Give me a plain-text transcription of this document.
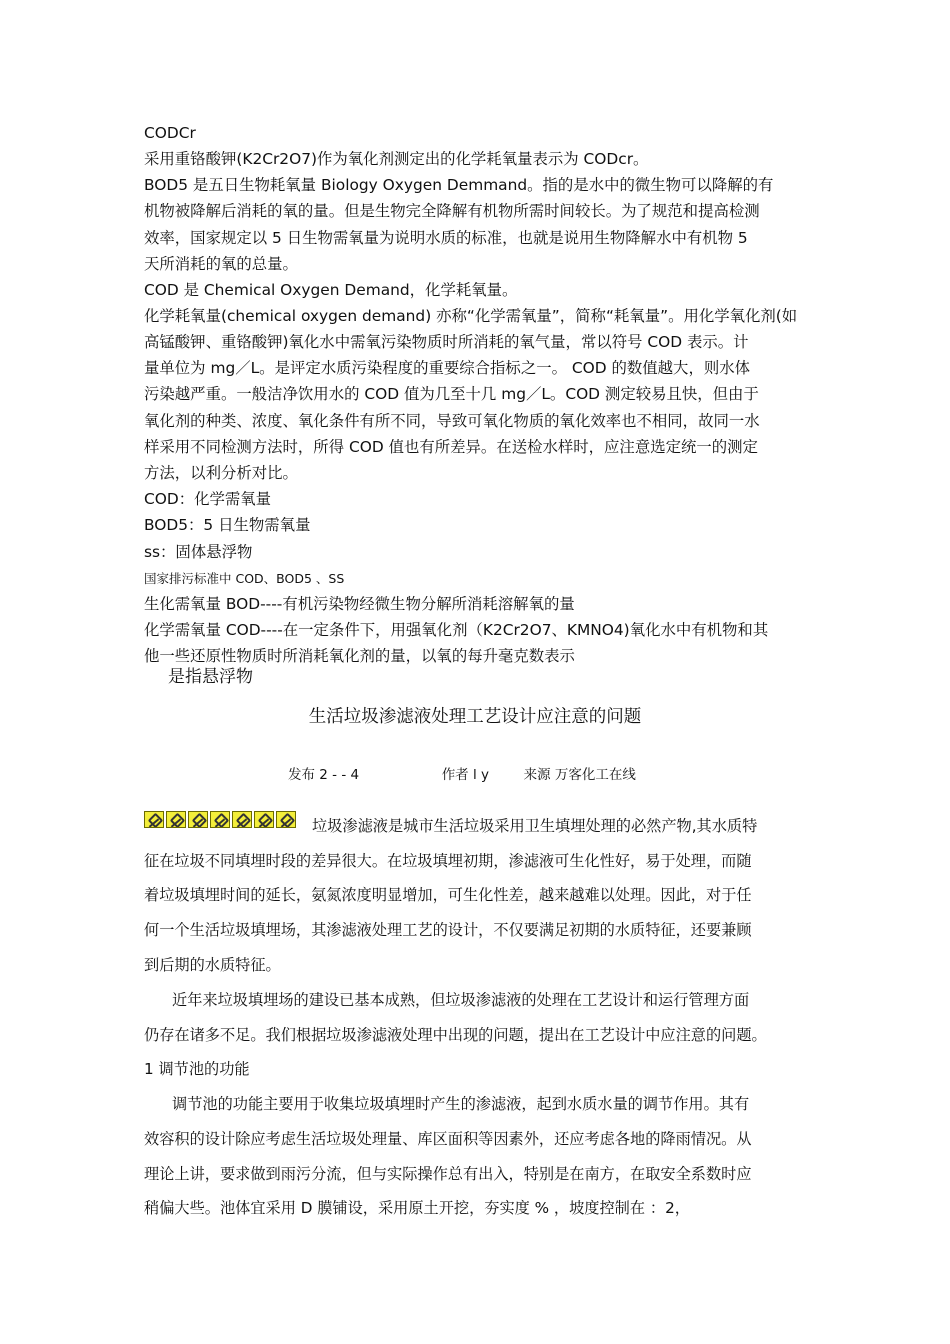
CODCr
采用重铬酸钾(K2Cr2O7)作为氧化剂测定出的化学耗氧量表示为 CODcr。
BOD5 是五日生物耗氧量 Biology Oxygen Demmand。指的是水中的微生物可以降解的有
机物被降解后消耗的氧的量。但是生物完全降解有机物所需时间较长。为了规范和提高检测
效率，国家规定以 5 日生物需氧量为说明水质的标准，也就是说用生物降解水中有机物 5
天所消耗的氧的总量。
COD 是 Chemical Oxygen Demand，化学耗氧量。
化学耗氧量(chemical oxygen demand) 亦称“化学需氧量”，简称“耗氧量”。用化学氧化剂(如
高锰酸钾、重铬酸钾)氧化水中需氧污染物质时所消耗的氧气量，常以符号 COD 表示。计
量单位为 mg／L。是评定水质污染程度的重要综合指标之一。 COD 的数值越大，则水体
污染越严重。一般洁净饮用水的 COD 值为几至十几 mg／L。COD 测定较易且快，但由于
氧化剂的种类、浓度、氧化条件有所不同，导致可氧化物质的氧化效率也不相同，故同一水
样采用不同检测方法时，所得 COD 值也有所差异。在送检水样时，应注意选定统一的测定
方法，以利分析对比。
COD：化学需氧量
BOD5：5 日生物需氧量
ss：固体悬浮物
国家排污标准中 COD、BOD5 、SS
生化需氧量 BOD----有机污染物经微生物分解所消耗溶解氧的量
化学需氧量 COD----在一定条件下，用强氧化剂（K2Cr2O7、KMNO4)氧化水中有机物和其
他一些还原性物质时所消耗氧化剂的量，以氧的每升毫克数表示
是指悬浮物
生活垃圾渗滤液处理工艺设计应注意的问题
发布 2 - - 4	作者 l y	来源 万客化工在线
垃圾渗滤液是城市生活垃圾采用卫生填埋处理的必然产物,其水质特
征在垃圾不同填埋时段的差异很大。在垃圾填埋初期，渗滤液可生化性好，易于处理，而随
着垃圾填埋时间的延长，氨氮浓度明显增加，可生化性差，越来越难以处理。因此，对于任
何一个生活垃圾填埋场，其渗滤液处理工艺的设计，不仅要满足初期的水质特征，还要兼顾
到后期的水质特征。
近年来垃圾填埋场的建设已基本成熟，但垃圾渗滤液的处理在工艺设计和运行管理方面
仍存在诸多不足。我们根据垃圾渗滤液处理中出现的问题，提出在工艺设计中应注意的问题。
1 调节池的功能
调节池的功能主要用于收集垃圾填埋时产生的渗滤液，起到水质水量的调节作用。其有
效容积的设计除应考虑生活垃圾处理量、库区面积等因素外，还应考虑各地的降雨情况。从
理论上讲，要求做到雨污分流，但与实际操作总有出入，特别是在南方，在取安全系数时应
稍偏大些。池体宜采用 D 膜铺设，采用原土开挖，夯实度 % ，坡度控制在 ：2，
